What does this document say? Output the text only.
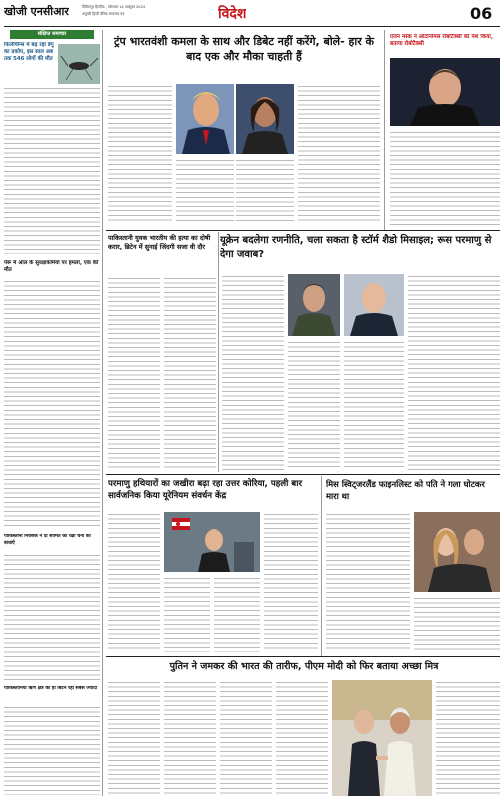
खोजी एनसीआर	विमिलपुर हिन्दीक , सोमवार 14 अक्टूबर 2024
अनुवरी हिन्दी दैनिक समाचार पत्र	विदेश	06
संक्षिप्त समाचार
फिलीपीन्स में बढ़ रहा डेंगू का प्रकोप, इस साल अब तक 546 लोगों की मौत
पेरू में ओल के सुरक्षाकर्मियों पर हमला, एक की मौत
पाकिस्तानी निवेशक ने दी सीमित की रक्षा चैनी को बाधाएँ
पाकिस्तानियों ऋण क्षेत्र का हो बिटेन रहा सबसे ज्यादा
ट्रंप भारतवंशी कमला के साथ और डिबेट नहीं करेंगे, बोले- हार के बाद एक और मौका चाहती हैं
एलन मस्क ने ऑटोनॉमस रोबोटैक्सी को पेश किया, बताया रोबोटैक्सी
यूक्रेन बदलेगा रणनीति, चला सकता है स्टॉर्म शैडो मिसाइल; रूस परमाणु से देगा जवाब?
पाकिस्तानी युवक भारतीय की हत्या का दोषी करार, ब्रिटेन में सुनाई जिंदगी सजा वी दौर
परमाणु हथियारों का जखीरा बढ़ा रहा उत्तर कोरिया, पहली बार सार्वजनिक किया यूरेनियम संवर्धन केंद्र
मिस स्विट्जरलैंड फाइनलिस्ट को पति ने गला घोटकर मारा था
पुतिन ने जमकर की भारत की तारीफ, पीएम मोदी को फिर बताया अच्छा मित्र
